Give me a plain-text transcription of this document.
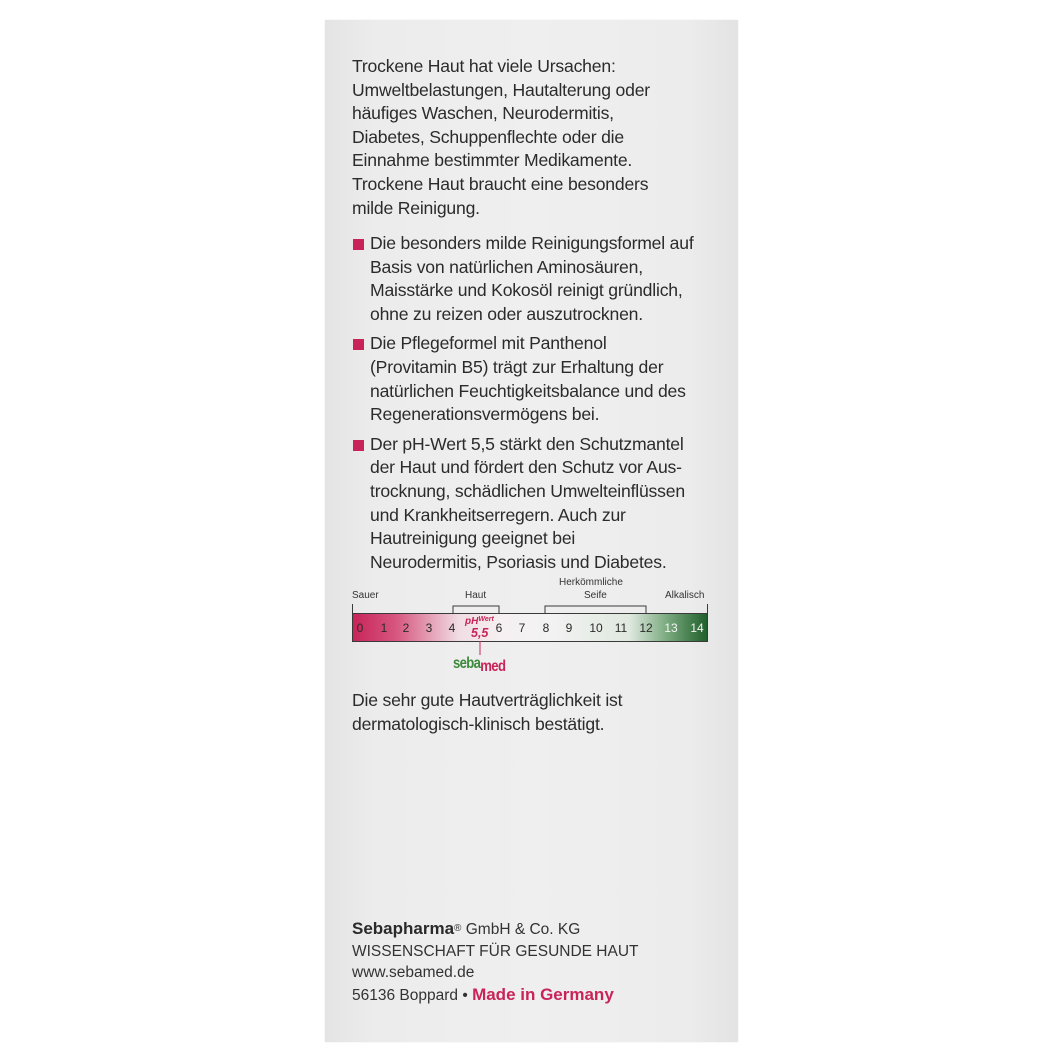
Trockene Haut hat viele Ursachen:
Umweltbelastungen, Hautalterung oder
häufiges Waschen, Neurodermitis,
Diabetes, Schuppenflechte oder die
Einnahme bestimmter Medikamente.
Trockene Haut braucht eine besonders
milde Reinigung.
Die besonders milde Reinigungsformel auf
Basis von natürlichen Aminosäuren,
Maisstärke und Kokosöl reinigt gründlich,
ohne zu reizen oder auszutrocknen.
Die Pflegeformel mit Panthenol
(Provitamin B5) trägt zur Erhaltung der
natürlichen Feuchtigkeitsbalance und des
Regenerationsvermögens bei.
Der pH-Wert 5,5 stärkt den Schutzmantel
der Haut und fördert den Schutz vor Aus-
trocknung, schädlichen Umwelteinflüssen
und Krankheitserregern. Auch zur
Hautreinigung geeignet bei
Neurodermitis, Psoriasis und Diabetes.
Sauer	Haut
Herkömmliche
Seife	Alkalisch
0	1	2	3	4	6	7	8	9	10 11 12 13 14
$pH^{Wert}$
5,5
sebamed
Die sehr gute Hautverträglichkeit ist
dermatologisch-klinisch bestätigt.
Sebapharma® GmbH & Co. KG
WISSENSCHAFT FÜR GESUNDE HAUT
www.sebamed.de
56136 Boppard • Made in Germany
